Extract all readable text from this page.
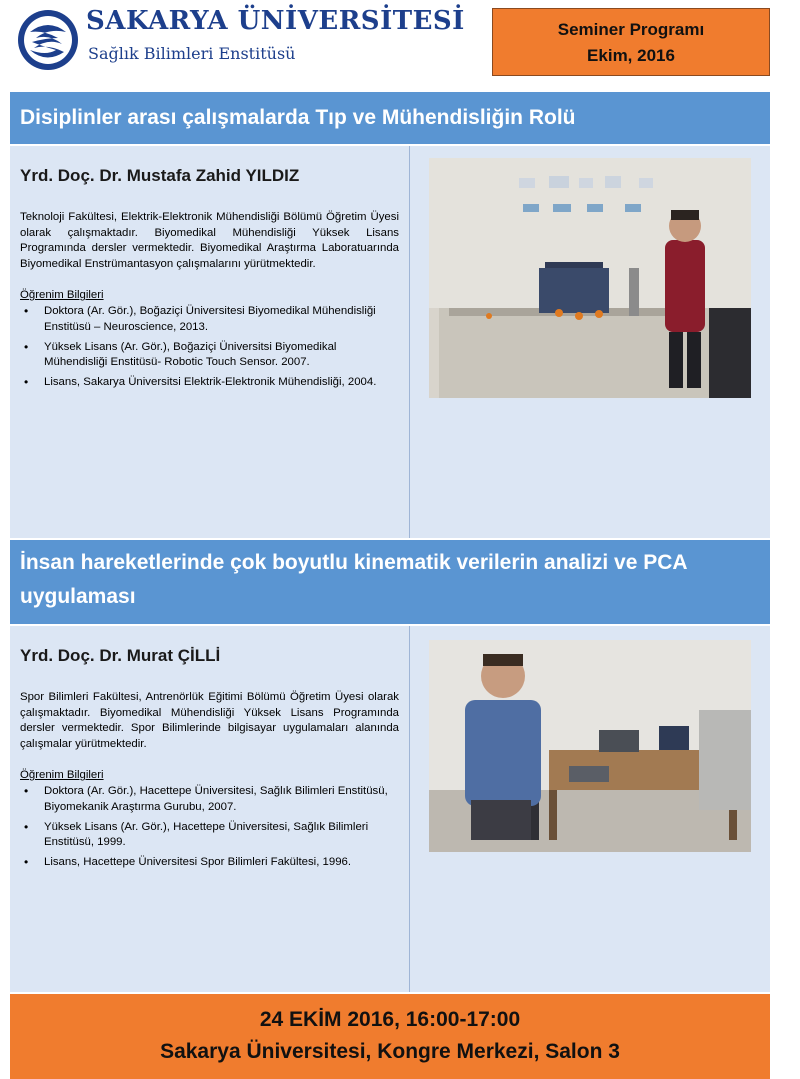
SAKARYA ÜNİVERSİTESİ
Sağlık Bilimleri Enstitüsü
Seminer Programı
Ekim, 2016
Disiplinler arası çalışmalarda Tıp ve Mühendisliğin Rolü
Yrd. Doç. Dr. Mustafa Zahid YILDIZ

Teknoloji Fakültesi, Elektrik-Elektronik Mühendisliği Bölümü Öğretim Üyesi olarak çalışmaktadır. Biyomedikal Mühendisliği Yüksek Lisans Programında dersler vermektedir. Biyomedikal Araştırma Laboratuarında Biyomedikal Enstrümantasyon çalışmalarını yürütmektedir.

Öğrenim Bilgileri
• Doktora (Ar. Gör.), Boğaziçi Üniversitesi Biyomedikal Mühendisliği Enstitüsü – Neuroscience, 2013.
• Yüksek Lisans (Ar. Gör.), Boğaziçi Üniversitsi Biyomedikal Mühendisliği Enstitüsü- Robotic Touch Sensor. 2007.
• Lisans, Sakarya Üniversitsi Elektrik-Elektronik Mühendisliği, 2004.
İnsan hareketlerinde çok boyutlu kinematik verilerin analizi ve PCA uygulaması
Yrd. Doç. Dr. Murat ÇİLLİ

Spor Bilimleri Fakültesi, Antrenörlük Eğitimi Bölümü Öğretim Üyesi olarak çalışmaktadır. Biyomedikal Mühendisliği Yüksek Lisans Programında dersler vermektedir. Spor Bilimlerinde bilgisayar uygulamaları alanında çalışmalar yürütmektedir.

Öğrenim Bilgileri
• Doktora (Ar. Gör.), Hacettepe Üniversitesi, Sağlık Bilimleri Enstitüsü, Biyomekanik Araştırma Gurubu, 2007.
• Yüksek Lisans (Ar. Gör.), Hacettepe Üniversitesi, Sağlık Bilimleri Enstitüsü, 1999.
• Lisans, Hacettepe Üniversitesi Spor Bilimleri Fakültesi, 1996.
24 EKİM 2016, 16:00-17:00
Sakarya Üniversitesi, Kongre Merkezi, Salon 3
